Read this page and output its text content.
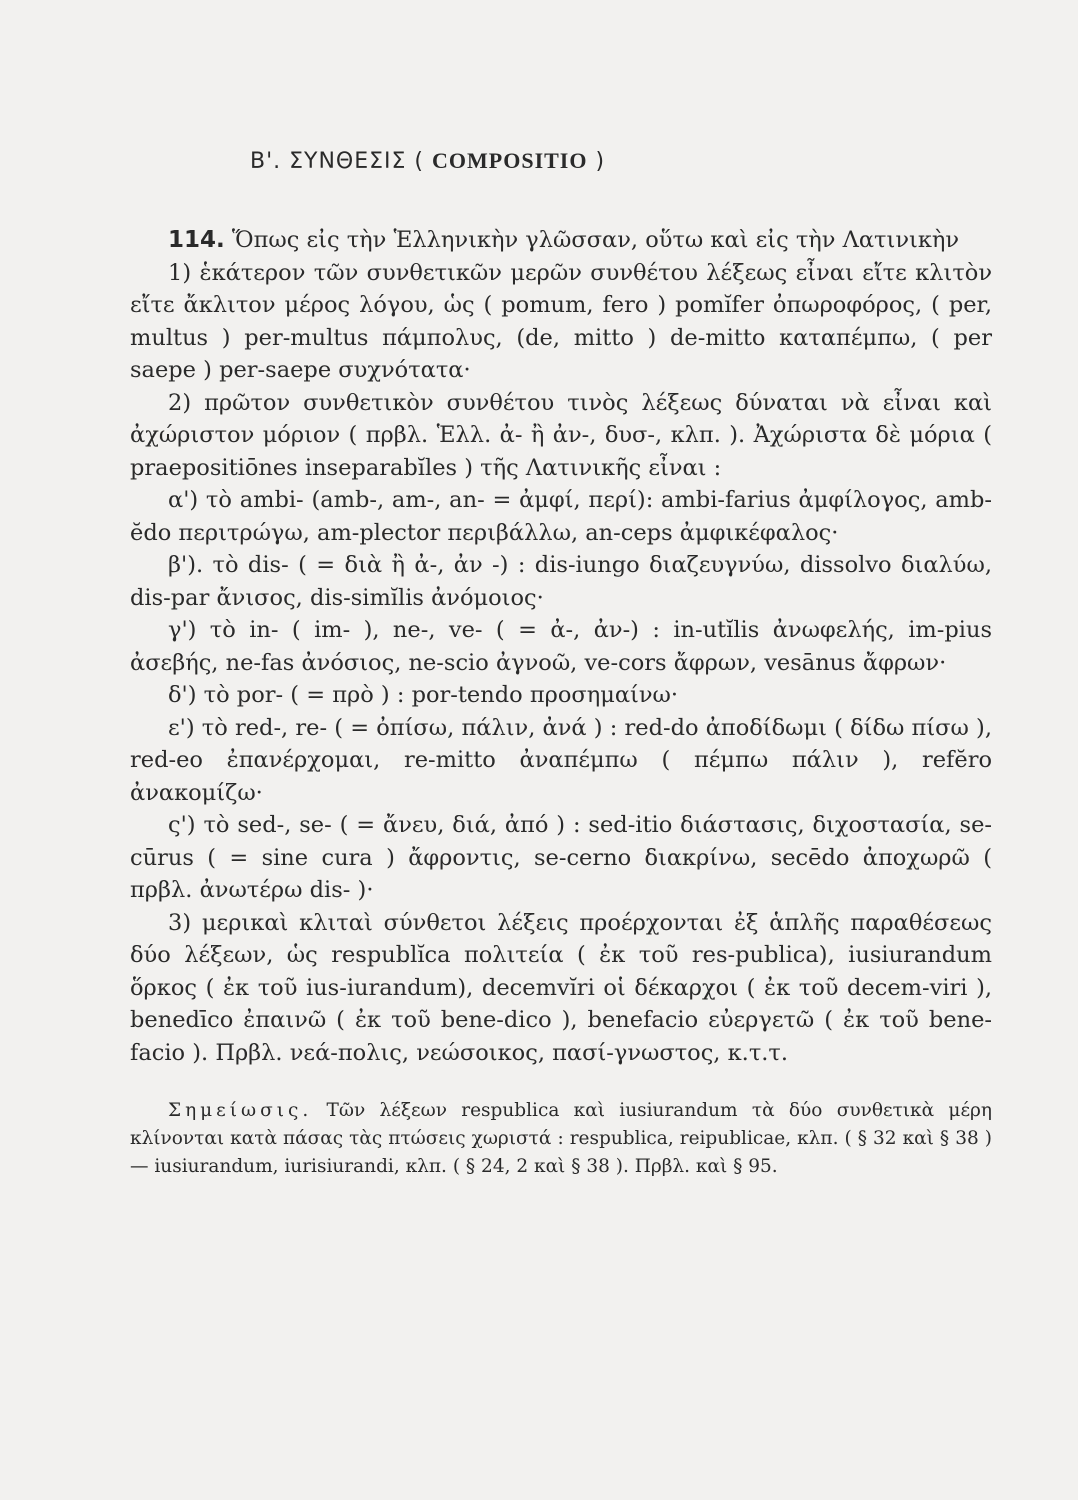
Β'. ΣΥΝΘΕΣΙΣ ( COMPOSITIO )

114. Ὅπως εἰς τὴν Ἑλληνικὴν γλῶσσαν, οὕτω καὶ εἰς τὴν Λατινικὴν

1) ἑκάτερον τῶν συνθετικῶν μερῶν συνθέτου λέξεως εἶναι εἴτε κλιτὸν εἴτε ἄκλιτον μέρος λόγου, ὡς ( pomum, fero ) pomĭfer ὀπωροφόρος, ( per, multus ) per-multus πάμπολυς, (de, mitto ) de-mitto καταπέμπω, ( per saepe ) per-saepe συχνότατα·

2) πρῶτον συνθετικὸν συνθέτου τινὸς λέξεως δύναται νὰ εἶναι καὶ ἀχώριστον μόριον ( πρβλ. Ἑλλ. ἀ- ἢ ἀν-, δυσ-, κλπ. ). Ἀχώριστα δὲ μόρια ( praepositiōnes inseparabĭles ) τῆς Λατινικῆς εἶναι :

α') τὸ ambi- (amb-, am-, an- = ἀμφί, περί): ambi-farius ἀμφίλογος, amb-ĕdo περιτρώγω, am-plector περιβάλλω, an-ceps ἀμφικέφαλος·

β'). τὸ dis- ( = διὰ ἢ ἀ-, ἀν -) : dis-iungo διαζευγνύω, dissolvo διαλύω, dis-par ἄνισος, dis-simĭlis ἀνόμοιος·

γ') τὸ in- ( im- ), ne-, ve- ( = ἀ-, ἀν-) : in-utĭlis ἀνωφελής, im-pius ἀσεβής, ne-fas ἀνόσιος, ne-scio ἀγνοῶ, ve-cors ἄφρων, vesānus ἄφρων·

δ') τὸ por- ( = πρὸ ) : por-tendo προσημαίνω·

ε') τὸ red-, re- ( = ὀπίσω, πάλιν, ἀνά ) : red-do ἀποδίδωμι ( δίδω πίσω ), red-eo ἐπανέρχομαι, re-mitto ἀναπέμπω ( πέμπω πάλιν ), refĕro ἀνακομίζω·

ς') τὸ sed-, se- ( = ἄνευ, διά, ἀπό ) : sed-itio διάστασις, διχοστασία, se-cūrus ( = sine cura ) ἄφροντις, se-cerno διακρίνω, secēdo ἀποχωρῶ ( πρβλ. ἀνωτέρω dis- )·

3) μερικαὶ κλιταὶ σύνθετοι λέξεις προέρχονται ἐξ ἁπλῆς παραθέσεως δύο λέξεων, ὡς respublĭca πολιτεία ( ἐκ τοῦ res-publica), iusiurandum ὅρκος ( ἐκ τοῦ ius-iurandum), decemvĭri οἱ δέκαρχοι ( ἐκ τοῦ decem-viri ), benedīco ἐπαινῶ ( ἐκ τοῦ bene-dico ), benefacio εὐεργετῶ ( ἐκ τοῦ bene-facio ). Πρβλ. νεά-πολις, νεώσοικος, πασί-γνωστος, κ.τ.τ.

Σημείωσις. Τῶν λέξεων respublica καὶ iusiurandum τὰ δύο συνθετικὰ μέρη κλίνονται κατὰ πάσας τὰς πτώσεις χωριστά : respublica, reipublicae, κλπ. ( § 32 καὶ § 38 ) — iusiurandum, iurisiurandi, κλπ. ( § 24, 2 καὶ § 38 ). Πρβλ. καὶ § 95.
